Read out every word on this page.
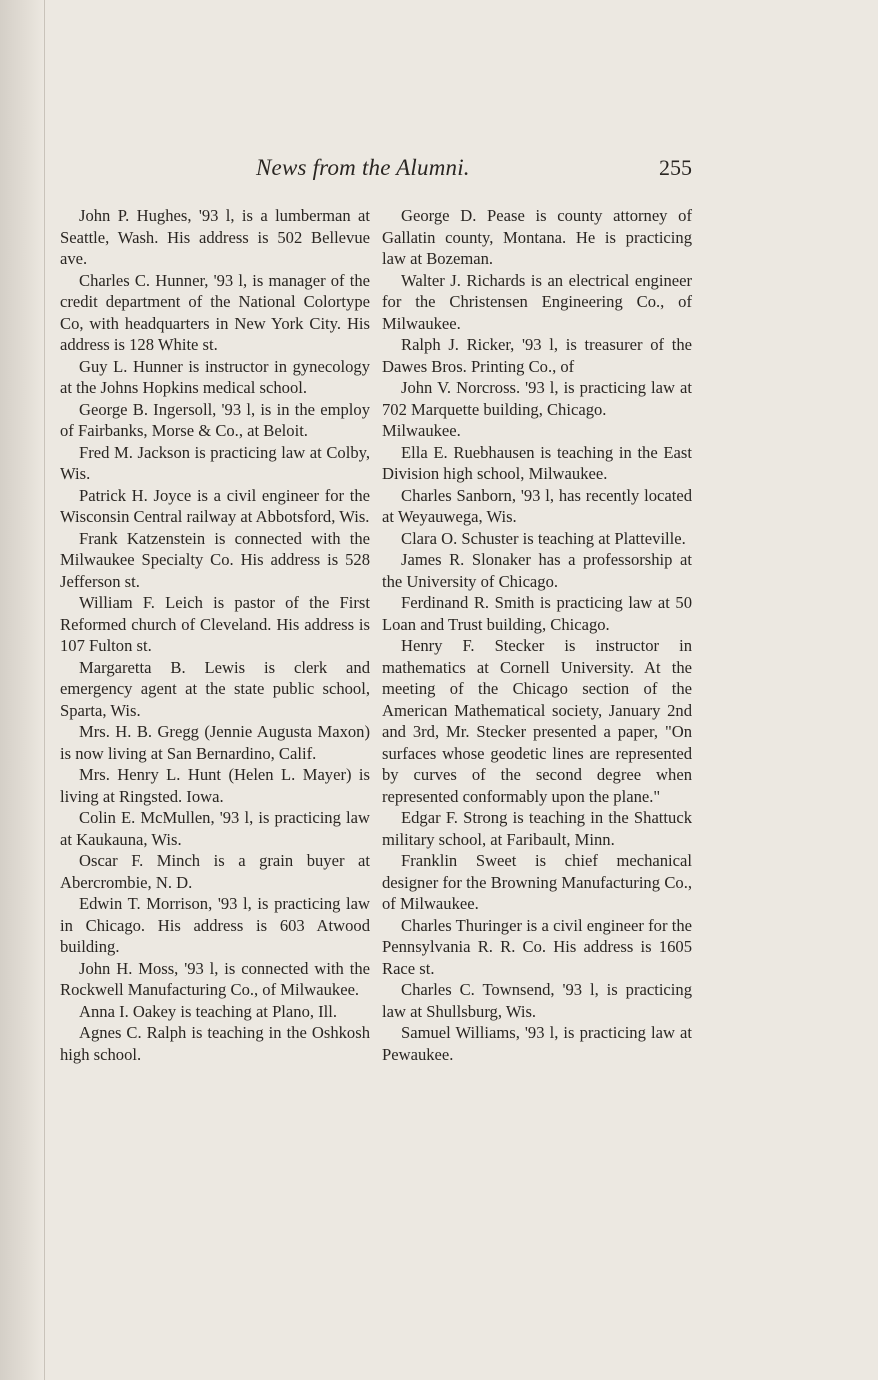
News from the Alumni.	255

John P. Hughes, '93 l, is a lumberman at Seattle, Wash. His address is 502 Bellevue ave.

Charles C. Hunner, '93 l, is manager of the credit department of the National Colortype Co, with headquarters in New York City. His address is 128 White st.

Guy L. Hunner is instructor in gynecology at the Johns Hopkins medical school.

George B. Ingersoll, '93 l, is in the employ of Fairbanks, Morse & Co., at Beloit.

Fred M. Jackson is practicing law at Colby, Wis.

Patrick H. Joyce is a civil engineer for the Wisconsin Central railway at Abbotsford, Wis.

Frank Katzenstein is connected with the Milwaukee Specialty Co. His address is 528 Jefferson st.

William F. Leich is pastor of the First Reformed church of Cleveland. His address is 107 Fulton st.

Margaretta B. Lewis is clerk and emergency agent at the state public school, Sparta, Wis.

Mrs. H. B. Gregg (Jennie Augusta Maxon) is now living at San Bernardino, Calif.

Mrs. Henry L. Hunt (Helen L. Mayer) is living at Ringsted. Iowa.

Colin E. McMullen, '93 l, is practicing law at Kaukauna, Wis.

Oscar F. Minch is a grain buyer at Abercrombie, N. D.

Edwin T. Morrison, '93 l, is practicing law in Chicago. His address is 603 Atwood building.

John H. Moss, '93 l, is connected with the Rockwell Manufacturing Co., of Milwaukee.

Anna I. Oakey is teaching at Plano, Ill.

Agnes C. Ralph is teaching in the Oshkosh high school.

George D. Pease is county attorney of Gallatin county, Montana. He is practicing law at Bozeman.

Walter J. Richards is an electrical engineer for the Christensen Engineering Co., of Milwaukee.

Ralph J. Ricker, '93 l, is treasurer of the Dawes Bros. Printing Co., of

John V. Norcross. '93 l, is practicing law at 702 Marquette building, Chicago.

Milwaukee.

Ella E. Ruebhausen is teaching in the East Division high school, Milwaukee.

Charles Sanborn, '93 l, has recently located at Weyauwega, Wis.

Clara O. Schuster is teaching at Platteville.

James R. Slonaker has a professorship at the University of Chicago.

Ferdinand R. Smith is practicing law at 50 Loan and Trust building, Chicago.

Henry F. Stecker is instructor in mathematics at Cornell University. At the meeting of the Chicago section of the American Mathematical society, January 2nd and 3rd, Mr. Stecker presented a paper, "On surfaces whose geodetic lines are represented by curves of the second degree when represented conformably upon the plane."

Edgar F. Strong is teaching in the Shattuck military school, at Faribault, Minn.

Franklin Sweet is chief mechanical designer for the Browning Manufacturing Co., of Milwaukee.

Charles Thuringer is a civil engineer for the Pennsylvania R. R. Co. His address is 1605 Race st.

Charles C. Townsend, '93 l, is practicing law at Shullsburg, Wis.

Samuel Williams, '93 l, is practicing law at Pewaukee.
